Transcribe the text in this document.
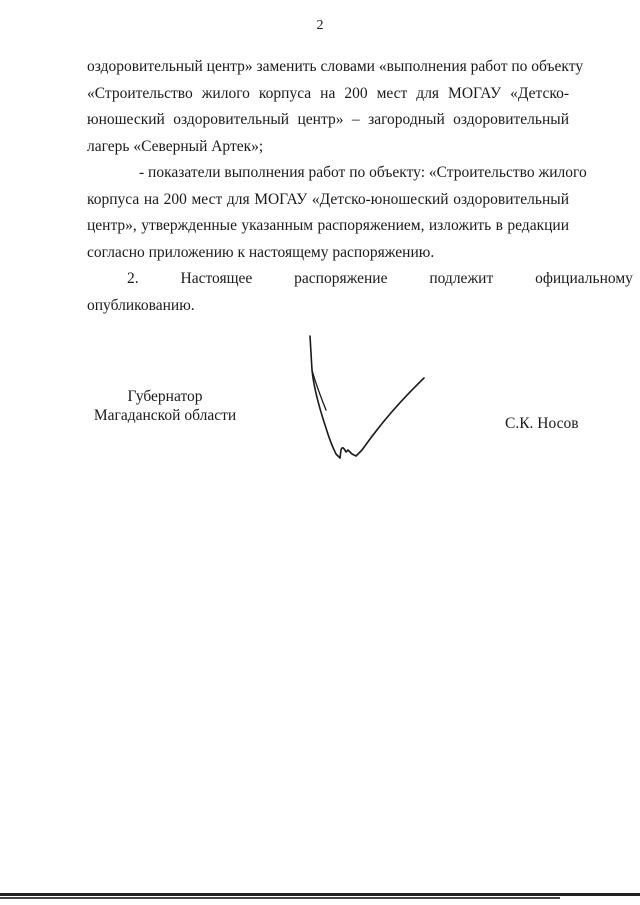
2
оздоровительный центр» заменить словами «выполнения работ по объекту
«Строительство жилого корпуса на 200 мест для МОГАУ «Детско-
юношеский оздоровительный центр» – загородный оздоровительный
лагерь «Северный Артек»;
- показатели выполнения работ по объекту: «Строительство жилого
корпуса на 200 мест для МОГАУ «Детско-юношеский оздоровительный
центр», утвержденные указанным распоряжением, изложить в редакции
согласно приложению к настоящему распоряжению.
2. Настоящее распоряжение подлежит официальному
опубликованию.
Губернатор
Магаданской области	С.К. Носов
